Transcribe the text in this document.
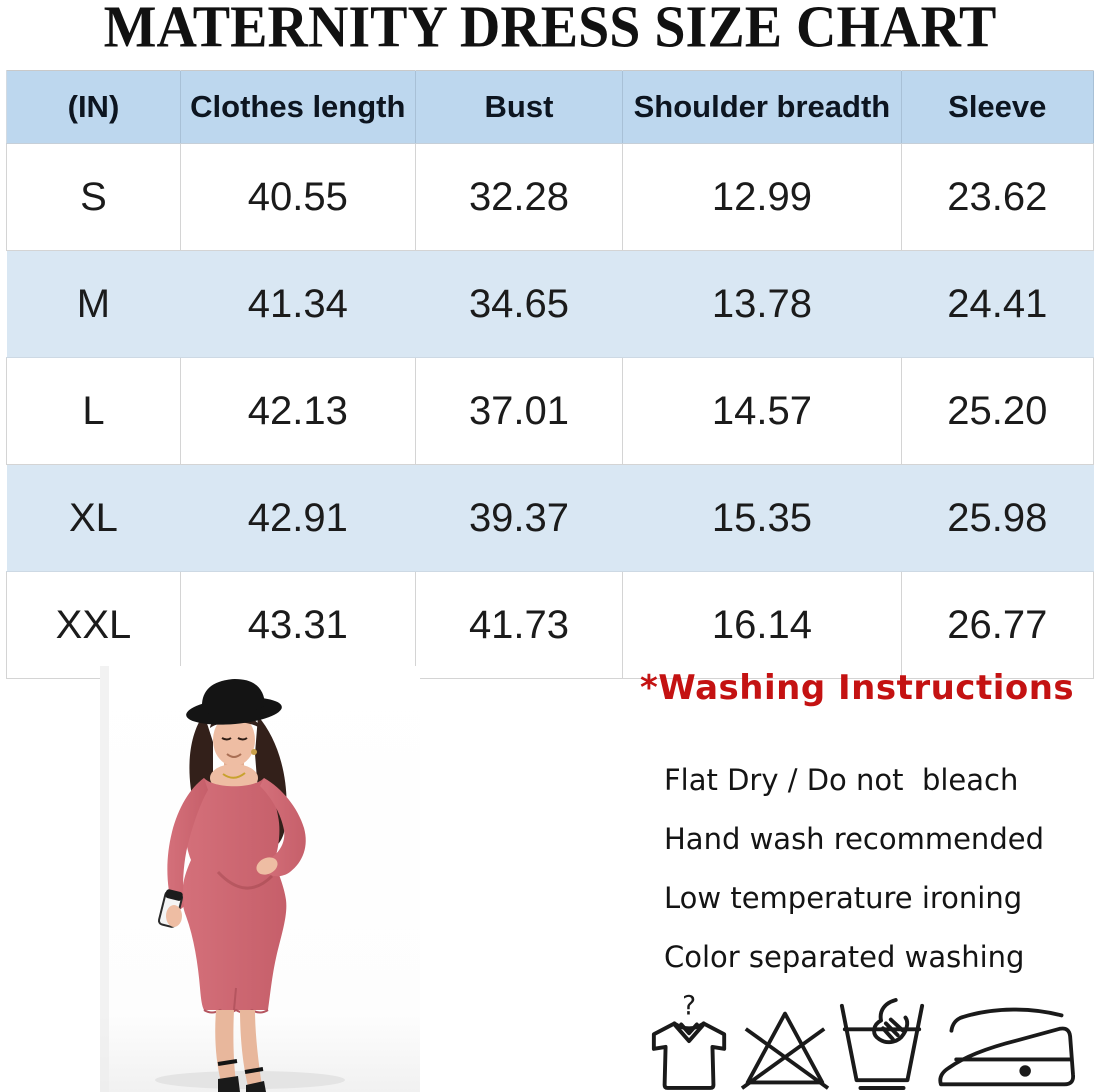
MATERNITY DRESS SIZE CHART
(IN)	Clothes length	Bust	Shoulder breadth	Sleeve
S	40.55	32.28	12.99	23.62
M	41.34	34.65	13.78	24.41
L	42.13	37.01	14.57	25.20
XL	42.91	39.37	15.35	25.98
XXL	43.31	41.73	16.14	26.77
*Washing Instructions
Flat Dry / Do not  bleach
Hand wash recommended
Low temperature ironing
Color separated washing
?
